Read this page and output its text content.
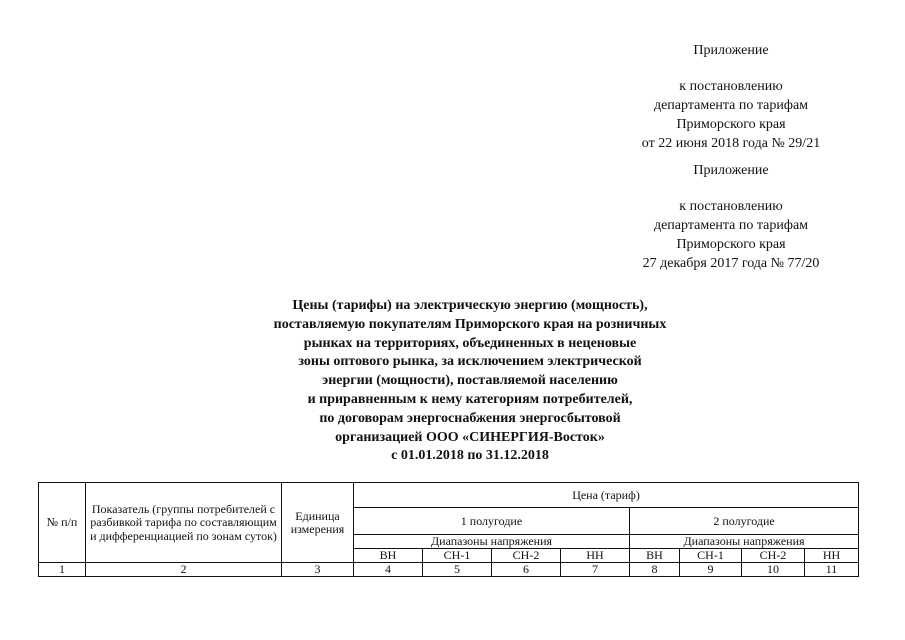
Приложение
к постановлению
департамента по тарифам
Приморского края
от 22 июня 2018 года № 29/21
Приложение
к постановлению
департамента по тарифам
Приморского края
27 декабря 2017 года № 77/20
Цены (тарифы) на электрическую энергию (мощность),
поставляемую покупателям Приморского края на розничных
рынках на территориях, объединенных в неценовые
зоны оптового рынка, за исключением электрической
энергии (мощности), поставляемой населению
и приравненным к нему категориям потребителей,
по договорам энергоснабжения энергосбытовой
организацией ООО «СИНЕРГИЯ-Восток»
с 01.01.2018 по 31.12.2018
№ п/п	Показатель (группы потребителей с разбивкой тарифа по составляющим и дифференциацией по зонам суток)	Единица измерения	Цена (тариф)							
			1 полугодие				2 полугодие			
			Диапазоны напряжения				Диапазоны напряжения			
			ВН	СН-1	СН-2	НН	ВН	СН-1	СН-2	НН
1	2	3	4	5	6	7	8	9	10	11
